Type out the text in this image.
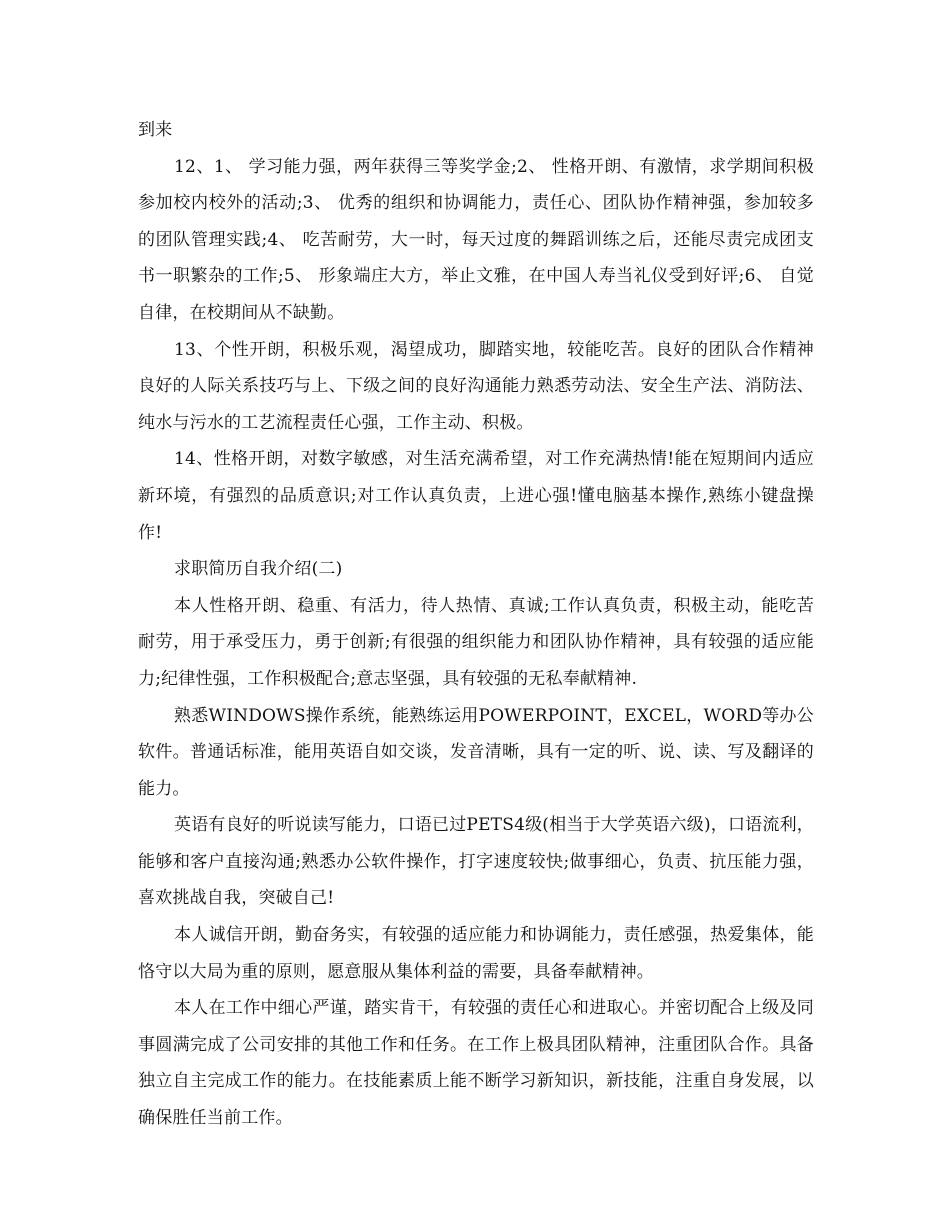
到来

12、1、 学习能力强，两年获得三等奖学金;2、 性格开朗、有激情，求学期间积极参加校内校外的活动;3、 优秀的组织和协调能力，责任心、团队协作精神强，参加较多的团队管理实践;4、 吃苦耐劳，大一时，每天过度的舞蹈训练之后，还能尽责完成团支书一职繁杂的工作;5、 形象端庄大方，举止文雅，在中国人寿当礼仪受到好评;6、 自觉自律，在校期间从不缺勤。

13、个性开朗，积极乐观，渴望成功，脚踏实地，较能吃苦。良好的团队合作精神良好的人际关系技巧与上、下级之间的良好沟通能力熟悉劳动法、安全生产法、消防法、纯水与污水的工艺流程责任心强，工作主动、积极。

14、性格开朗，对数字敏感，对生活充满希望，对工作充满热情!能在短期间内适应新环境，有强烈的品质意识;对工作认真负责，上进心强!懂电脑基本操作,熟练小键盘操作!

求职简历自我介绍(二)

本人性格开朗、稳重、有活力，待人热情、真诚;工作认真负责，积极主动，能吃苦耐劳，用于承受压力，勇于创新;有很强的组织能力和团队协作精神，具有较强的适应能力;纪律性强，工作积极配合;意志坚强，具有较强的无私奉献精神.

熟悉WINDOWS操作系统，能熟练运用POWERPOINT，EXCEL，WORD等办公软件。普通话标准，能用英语自如交谈，发音清晰，具有一定的听、说、读、写及翻译的能力。

英语有良好的听说读写能力，口语已过PETS4级(相当于大学英语六级)，口语流利，能够和客户直接沟通;熟悉办公软件操作，打字速度较快;做事细心，负责、抗压能力强，喜欢挑战自我，突破自己!

本人诚信开朗，勤奋务实，有较强的适应能力和协调能力，责任感强，热爱集体，能恪守以大局为重的原则，愿意服从集体利益的需要，具备奉献精神。

本人在工作中细心严谨，踏实肯干，有较强的责任心和进取心。并密切配合上级及同事圆满完成了公司安排的其他工作和任务。在工作上极具团队精神，注重团队合作。具备独立自主完成工作的能力。在技能素质上能不断学习新知识，新技能，注重自身发展，以确保胜任当前工作。
